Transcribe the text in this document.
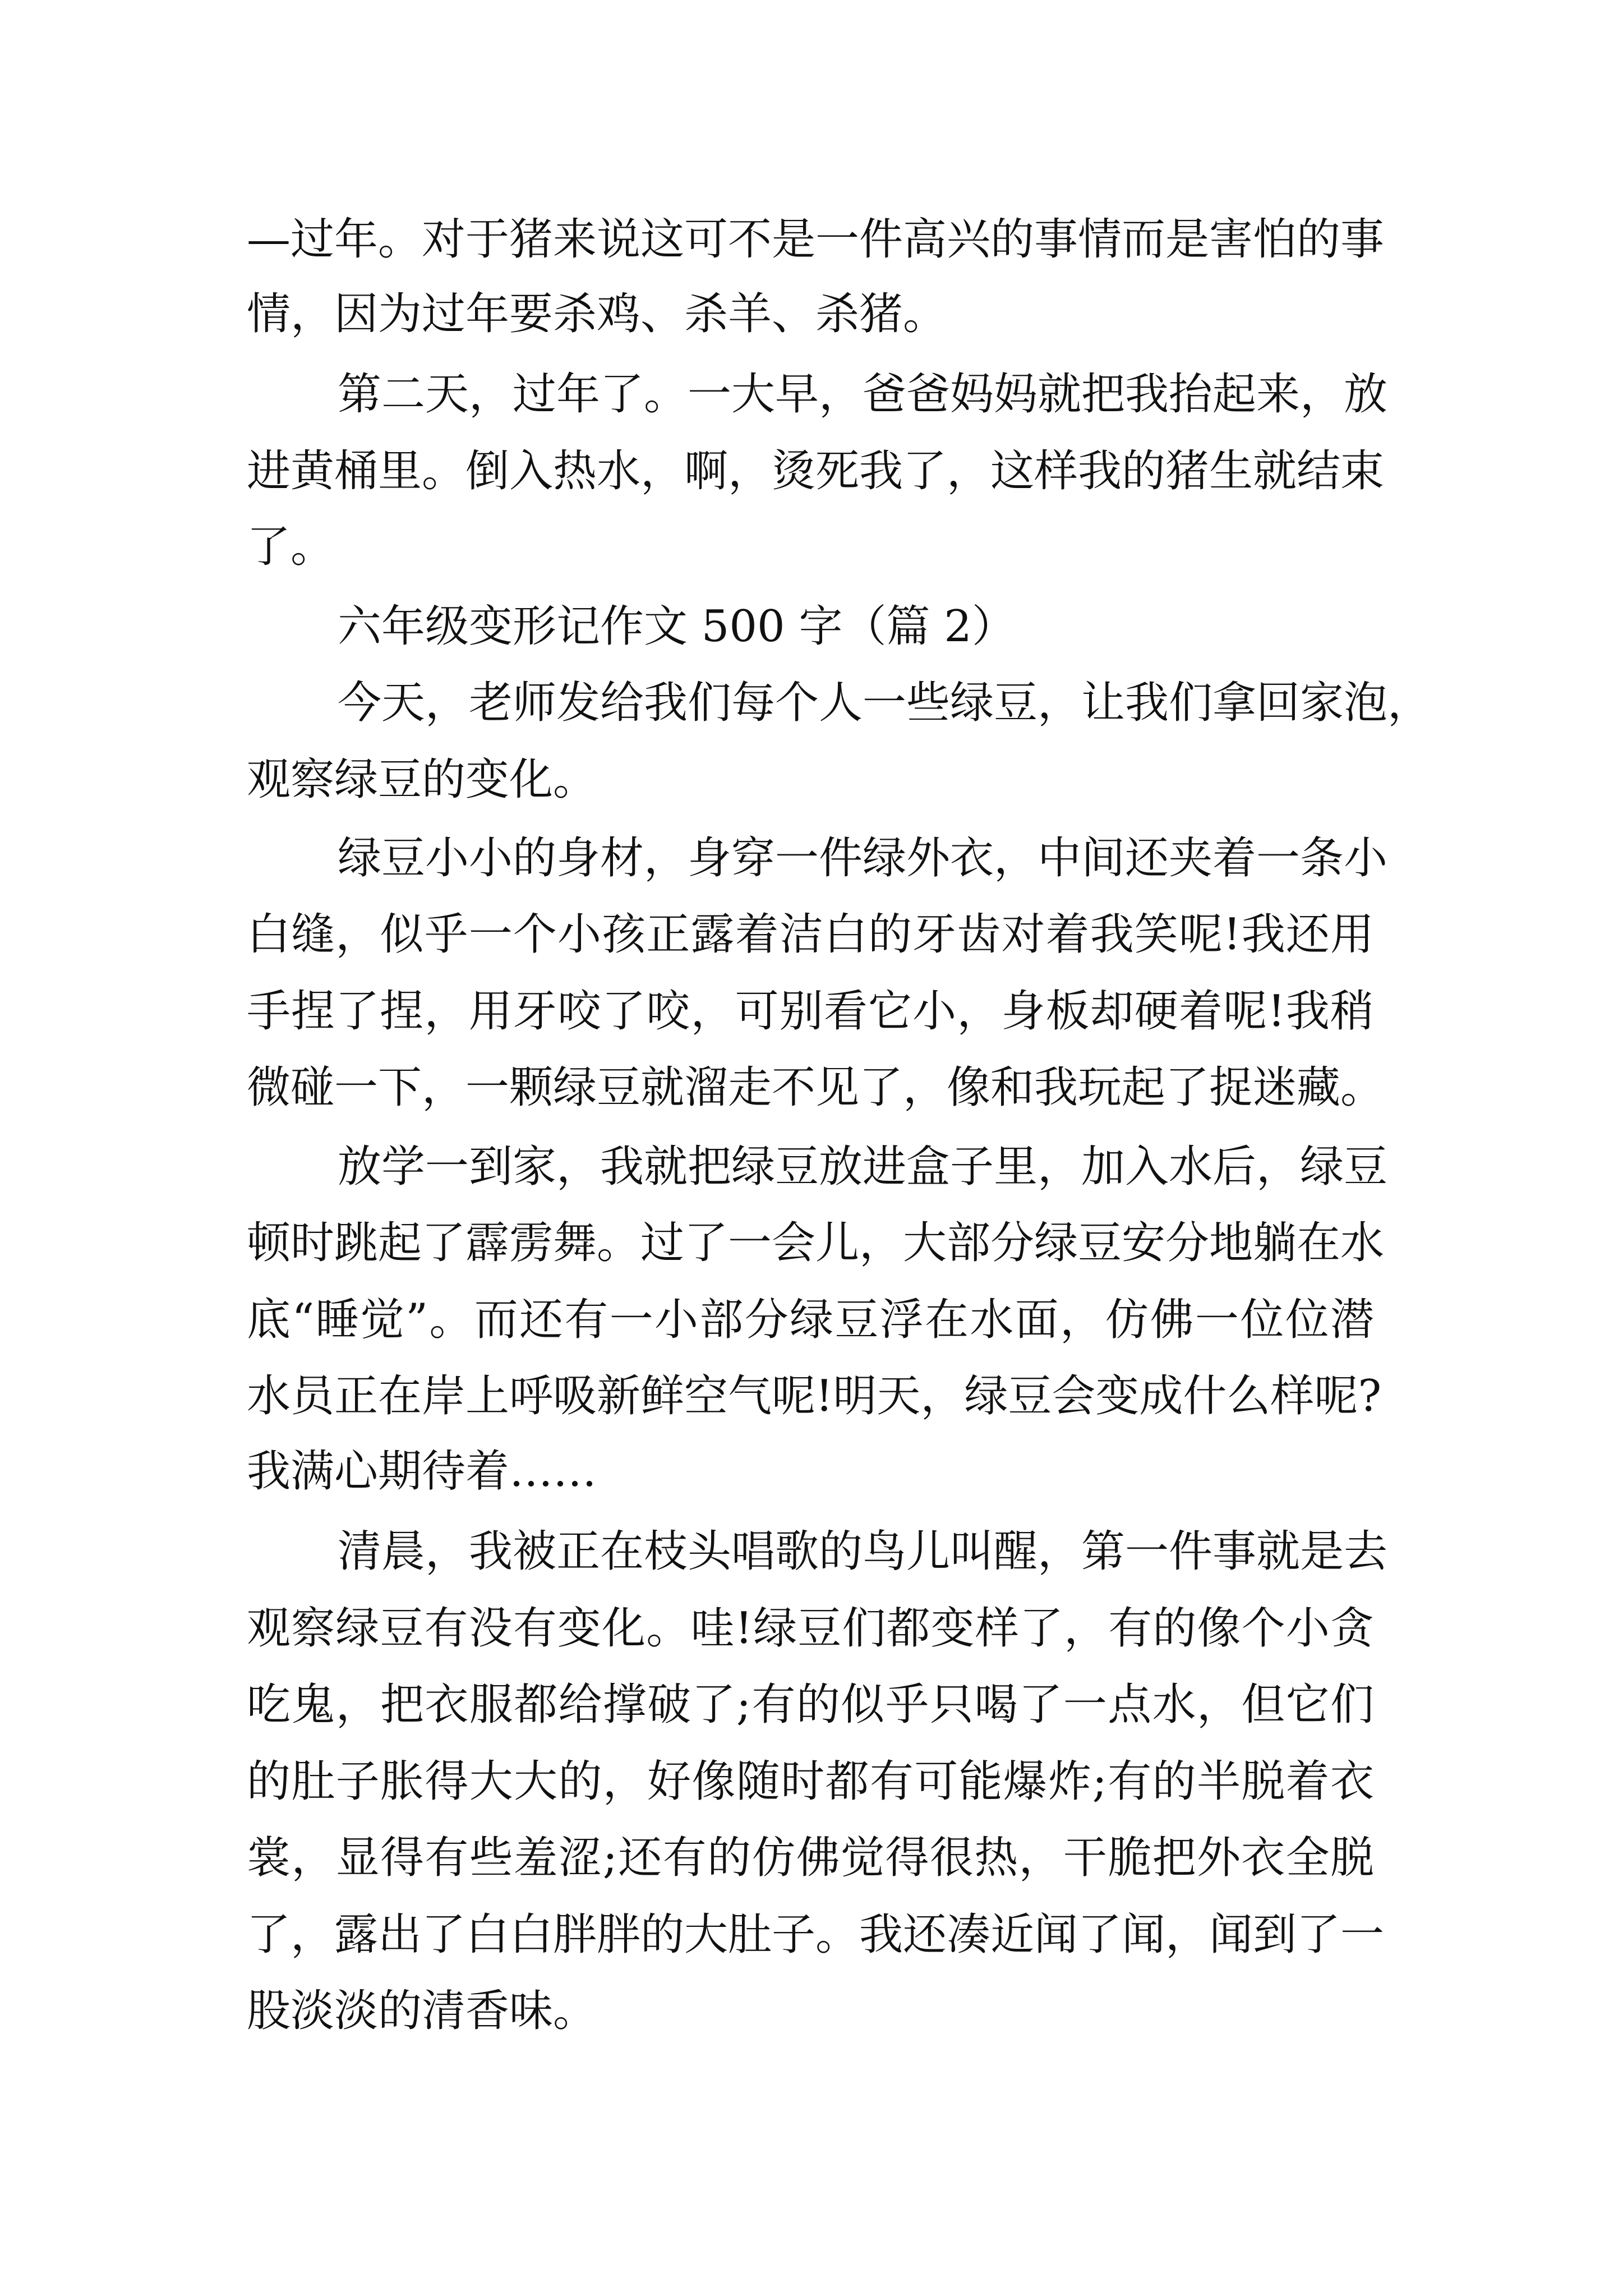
—过年。对于猪来说这可不是一件高兴的事情而是害怕的事
情，因为过年要杀鸡、杀羊、杀猪。
第二天，过年了。一大早，爸爸妈妈就把我抬起来，放
进黄桶里。倒入热水，啊，烫死我了，这样我的猪生就结束
了。
六年级变形记作文 500 字（篇 2）
今天，老师发给我们每个人一些绿豆，让我们拿回家泡，
观察绿豆的变化。
绿豆小小的身材，身穿一件绿外衣，中间还夹着一条小
白缝，似乎一个小孩正露着洁白的牙齿对着我笑呢!我还用
手捏了捏，用牙咬了咬，可别看它小，身板却硬着呢!我稍
微碰一下，一颗绿豆就溜走不见了，像和我玩起了捉迷藏。
放学一到家，我就把绿豆放进盒子里，加入水后，绿豆
顿时跳起了霹雳舞。过了一会儿，大部分绿豆安分地躺在水
底“睡觉”。而还有一小部分绿豆浮在水面，仿佛一位位潜
水员正在岸上呼吸新鲜空气呢!明天，绿豆会变成什么样呢?
我满心期待着……
清晨，我被正在枝头唱歌的鸟儿叫醒，第一件事就是去
观察绿豆有没有变化。哇!绿豆们都变样了，有的像个小贪
吃鬼，把衣服都给撑破了;有的似乎只喝了一点水，但它们
的肚子胀得大大的，好像随时都有可能爆炸;有的半脱着衣
裳，显得有些羞涩;还有的仿佛觉得很热，干脆把外衣全脱
了，露出了白白胖胖的大肚子。我还凑近闻了闻，闻到了一
股淡淡的清香味。
